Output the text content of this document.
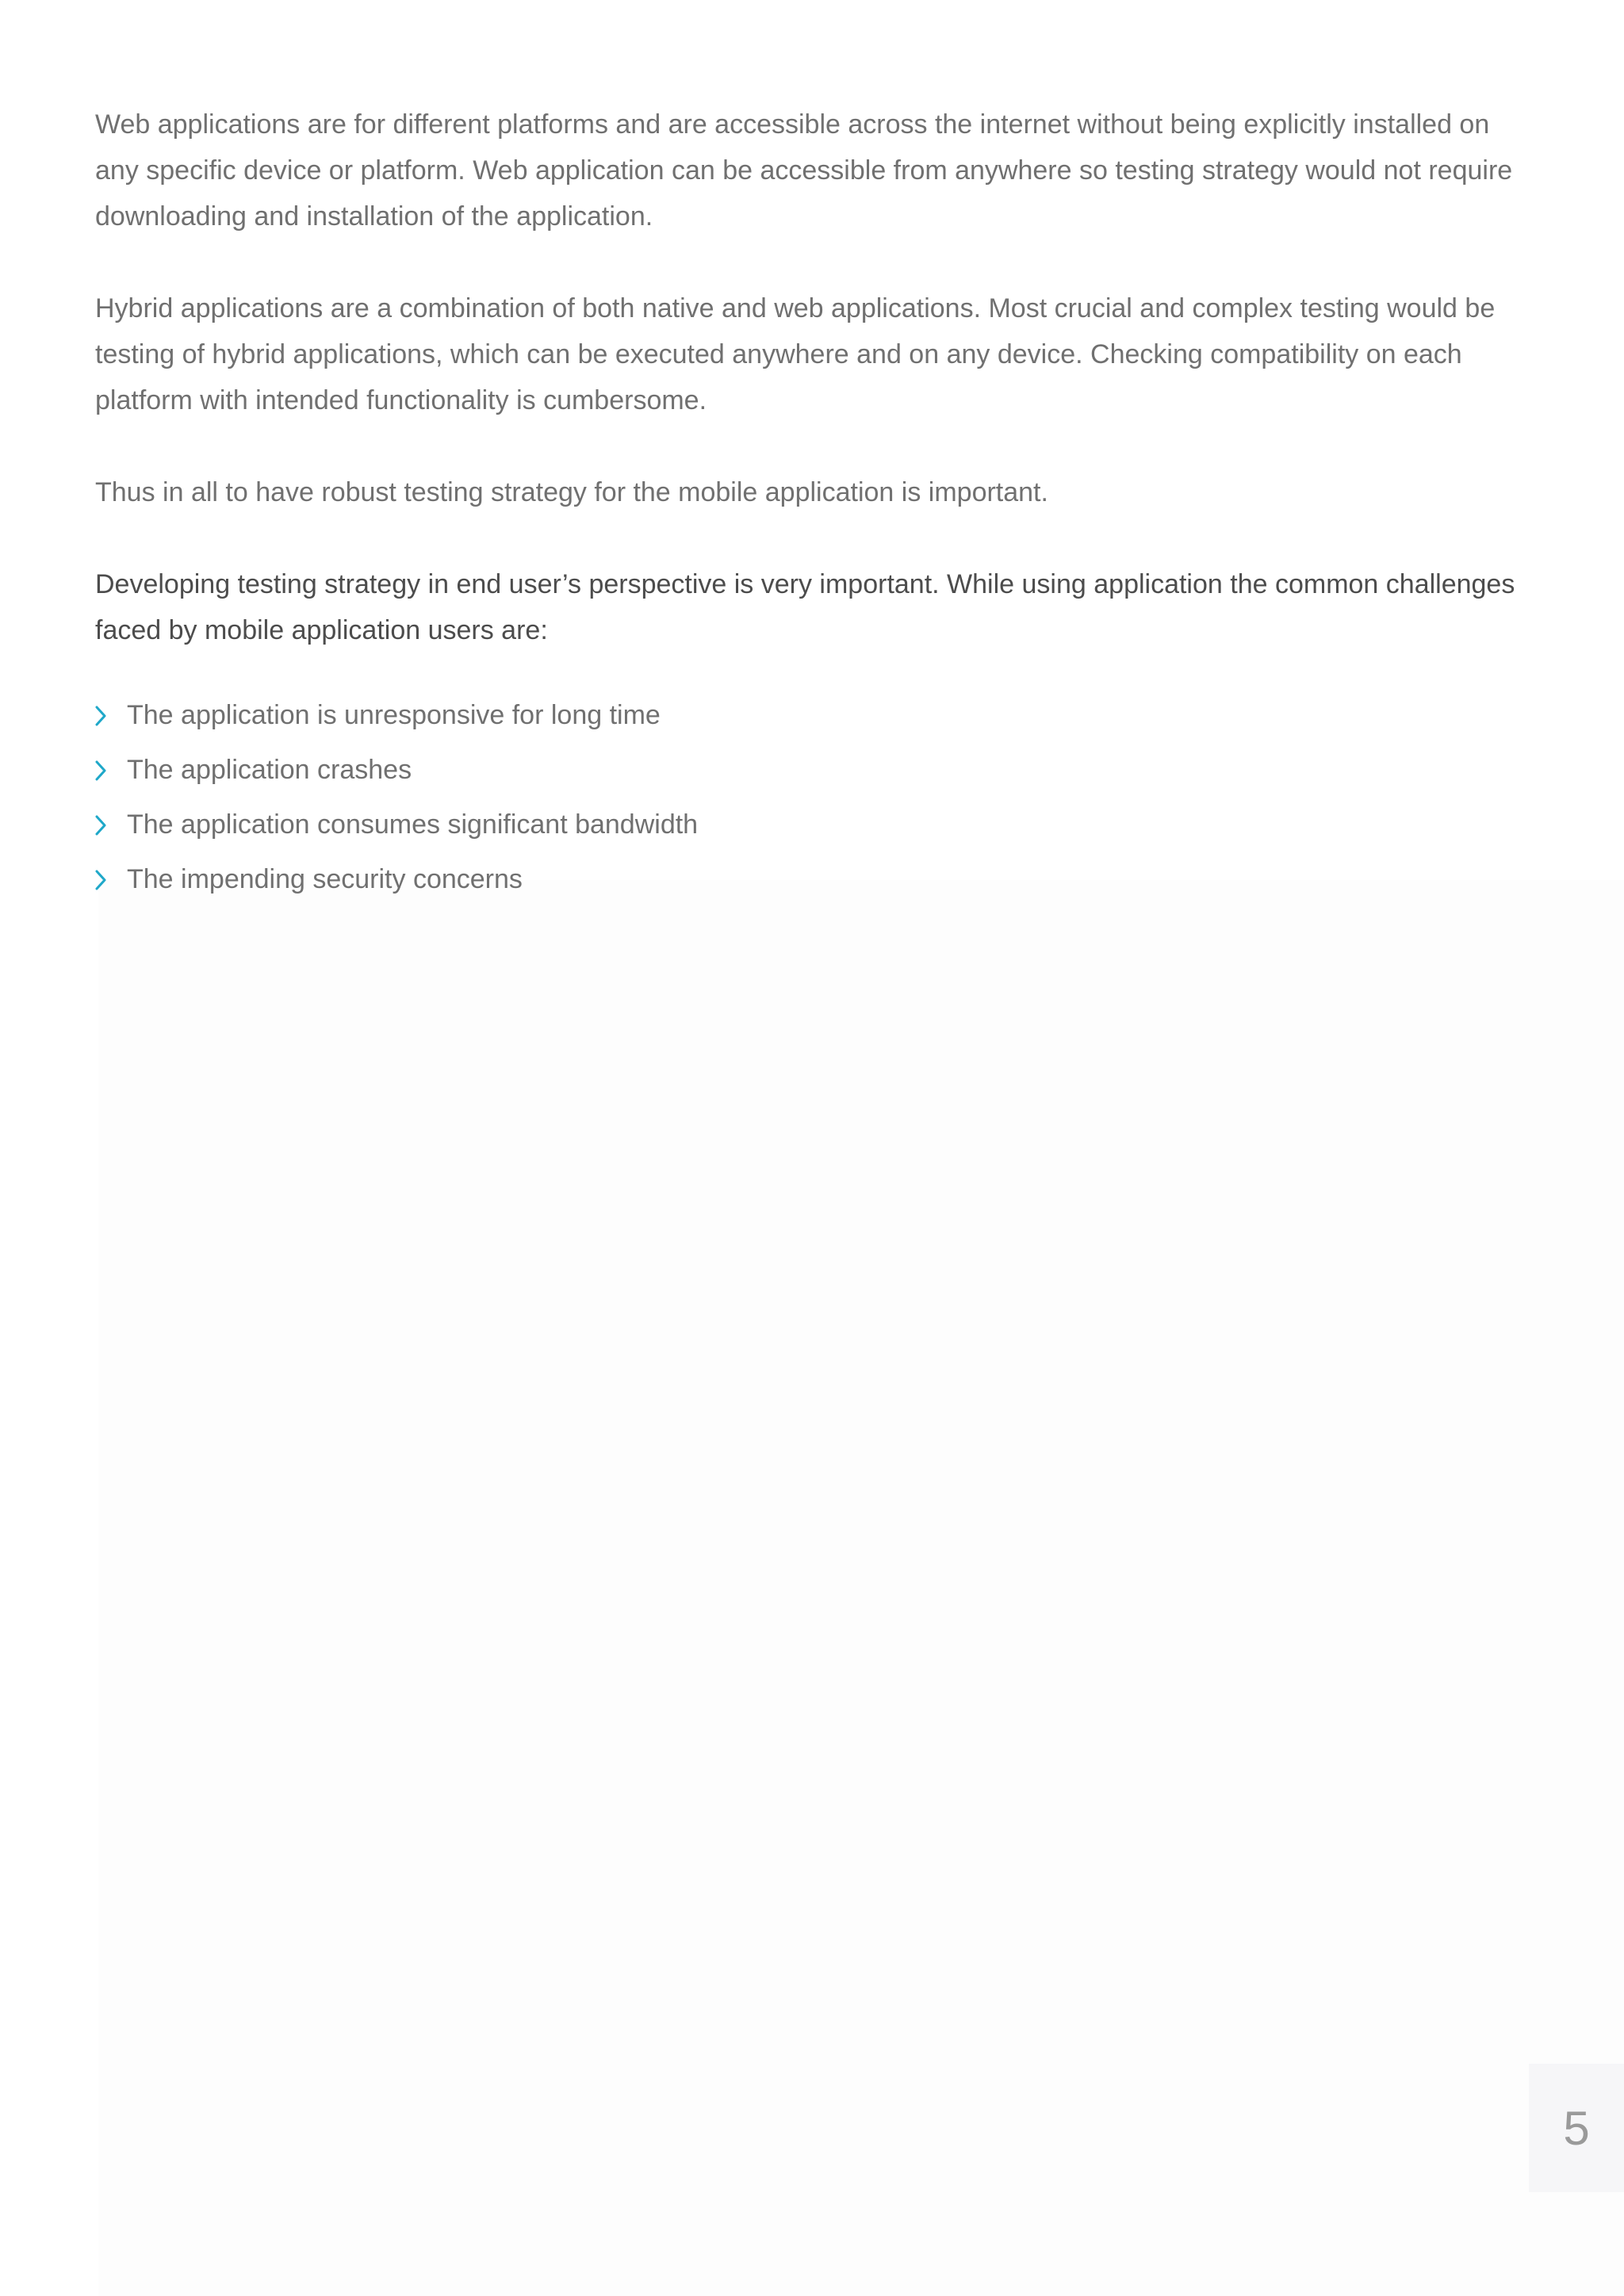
Web applications are for different platforms and are accessible across the internet without being explicitly installed on any specific device or platform. Web application can be accessible from anywhere so testing strategy would not require downloading and installation of the application.

Hybrid applications are a combination of both native and web applications. Most crucial and complex testing would be testing of hybrid applications, which can be executed anywhere and on any device. Checking compatibility on each platform with intended functionality is cumbersome.

Thus in all to have robust testing strategy for the mobile application is important.

Developing testing strategy in end user’s perspective is very important. While using application the common challenges faced by mobile application users are:

The application is unresponsive for long time
The application crashes
The application consumes significant bandwidth
The impending security concerns
5
